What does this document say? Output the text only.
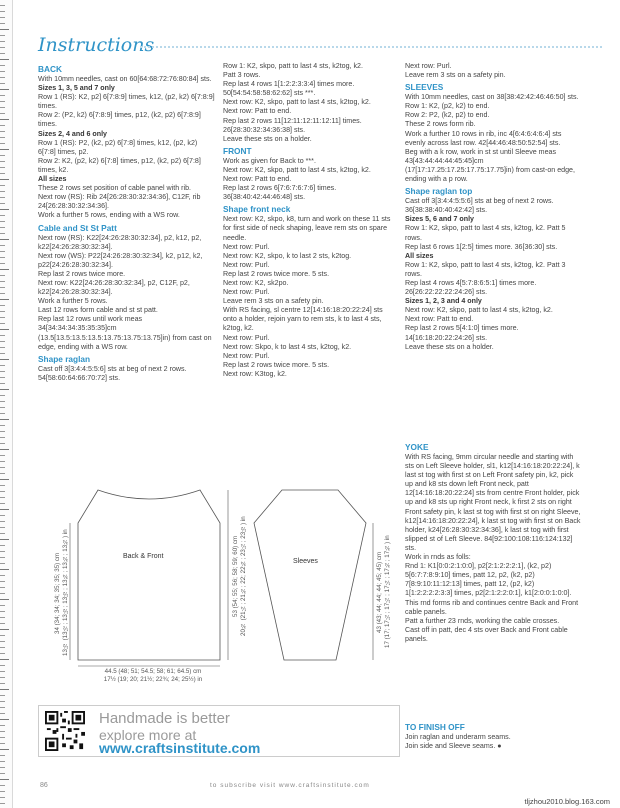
Instructions

BACK

With 10mm needles, cast on 60[64:68:72:76:80:84] sts.

Sizes 1, 3, 5 and 7 only

Row 1 (RS): K2, p2] 6[7:8:9] times, k12, (p2, k2) 6[7:8:9] times.

Row 2: (P2, k2) 6[7:8:9] times, p12, (k2, p2) 6[7:8:9] times.

Sizes 2, 4 and 6 only

Row 1 (RS): P2, (k2, p2) 6[7:8] times, k12, (p2, k2) 6[7:8] times, p2.

Row 2: K2, (p2, k2) 6[7:8] times, p12, (k2, p2) 6[7:8] times, k2.

All sizes

These 2 rows set position of cable panel with rib.

Next row (RS): Rib 24[26:28:30:32:34:36], C12F, rib 24[26:28:30:32:34:36].

Work a further 5 rows, ending with a WS row.

Cable and St St Patt

Next row (RS): K22[24:26:28:30:32:34], p2, k12, p2, k22[24:26:28:30:32:34].

Next row (WS): P22[24:26:28:30:32:34], k2, p12, k2, p22[24:26:28:30:32:34].

Rep last 2 rows twice more.

Next row: K22[24:26:28:30:32:34], p2, C12F, p2, k22[24:26:28:30:32:34].

Work a further 5 rows.

Last 12 rows form cable and st st patt.

Rep last 12 rows until work meas 34[34:34:34:35:35:35]cm (13.5[13.5:13.5:13.5:13.75:13.75:13.75]in) from cast on edge, ending with a WS row.

Shape raglan

Cast off 3[3:4:4:5:5:6] sts at beg of next 2 rows. 54[58:60:64:66:70:72] sts.

Row 1: K2, skpo, patt to last 4 sts, k2tog, k2.

Patt 3 rows.

Rep last 4 rows 1[1:2:2:3:3:4] times more. 50[54:54:58:58:62:62] sts ***.

Next row: K2, skpo, patt to last 4 sts, k2tog, k2.

Next row: Patt to end.

Rep last 2 rows 11[12:11:12:11:12:11] times. 26[28:30:32:34:36:38] sts.

Leave these sts on a holder.

FRONT

Work as given for Back to ***.

Next row: K2, skpo, patt to last 4 sts, k2tog, k2.

Next row: Patt to end.

Rep last 2 rows 6[7:6:7:6:7:6] times. 36[38:40:42:44:46:48] sts.

Shape front neck

Next row: K2, skpo, k8, turn and work on these 11 sts for first side of neck shaping, leave rem sts on spare needle.

Next row: Purl.

Next row: K2, skpo, k to last 2 sts, k2tog.

Next row: Purl.

Rep last 2 rows twice more. 5 sts.

Next row: K2, sk2po.

Next row: Purl.

Leave rem 3 sts on a safety pin.

With RS facing, sl centre 12[14:16:18:20:22:24] sts onto a holder, rejoin yarn to rem sts, k to last 4 sts, k2tog, k2.

Next row: Purl.

Next row: Skpo, k to last 4 sts, k2tog, k2.

Next row: Purl.

Rep last 2 rows twice more. 5 sts.

Next row: K3tog, k2.

Next row: Purl.

Leave rem 3 sts on a safety pin.

SLEEVES

With 10mm needles, cast on 38[38:42:42:46:46:50] sts.

Row 1: K2, (p2, k2) to end.

Row 2: P2, (k2, p2) to end.

These 2 rows form rib.

Work a further 10 rows in rib, inc 4[6:4:6:4:6:4] sts evenly across last row. 42[44:46:48:50:52:54] sts.

Beg with a k row, work in st st until Sleeve meas 43[43:44:44:44:45:45]cm (17[17:17.25:17.25:17.75:17.75]in) from cast-on edge, ending with a p row.

Shape raglan top

Cast off 3[3:4:4:5:5:6] sts at beg of next 2 rows. 36[38:38:40:40:42:42] sts.

Sizes 5, 6 and 7 only

Row 1: K2, skpo, patt to last 4 sts, k2tog, k2. Patt 5 rows.

Rep last 6 rows 1[2:5] times more. 36[36:30] sts.

All sizes

Row 1: K2, skpo, patt to last 4 sts, k2tog, k2. Patt 3 rows.

Rep last 4 rows 4[5:7:8:6:5:1] times more. 26[26:22:22:22:24:26] sts.

Sizes 1, 2, 3 and 4 only

Next row: K2, skpo, patt to last 4 sts, k2tog, k2.

Next row: Patt to end.

Rep last 2 rows 5[4:1:0] times more. 14[16:18:20:22:24:26] sts.

Leave these sts on a holder.

YOKE

With RS facing, 9mm circular needle and starting with sts on Left Sleeve holder, sl1, k12[14:16:18:20:22:24], k last st tog with first st on Left Front safety pin, k2, pick up and k8 sts down left Front neck, patt 12[14:16:18:20:22:24] sts from centre Front holder, pick up and k8 sts up right Front neck, k first 2 sts on right Front safety pin, k last st tog with first st on right Sleeve, k12[14:16:18:20:22:24], k last st tog with first st on Back holder, k24[26:28:30:32:34:36], k last st tog with first slipped st of Left Sleeve. 84[92:100:108:116:124:132] sts.

Work in rnds as folls:

Rnd 1: K1[0:0:2:1:0:0], p2[2:1:2:2:2:1], (k2, p2) 5[6:7:7:8:9:10] times, patt 12, p2, (k2, p2) 7[8:9:10:11:12:13] times, patt 12, (p2, k2) 1[1:2:2:2:2:3:3] times, p2[2:1:2:2:0:1], k1[2:0:0:1:0:0].

This rnd forms rib and continues centre Back and Front cable panels.

Patt a further 23 rnds, working the cable crosses.

Cast off in patt, dec 4 sts over Back and Front cable panels.

TO FINISH OFF

Join raglan and underarm seams.

Join side and Sleeve seams. ●

Back & Front
Sleeves
44.5 (48; 51; 54.5; 58; 61; 64.5) cm
17½ (19; 20; 21½; 22¾; 24; 25½) in
34 (34; 34; 34; 35; 35; 35) cm 13½ (13½; 13½; 13½; 13¾; 13¾; 13¾) in	53 (54; 55; 56; 58; 59; 60) cm 20¾ (21¼; 21¾; 22; 22¾; 23¼; 23½) in	43 (43; 44; 44; 44; 45; 45) cm 17 (17; 17¼; 17¼; 17¼; 17¾; 17¾) in
Handmade is better
explore more at
www.craftsinstitute.com
86	to subscribe visit www.craftsinstitute.com
tljzhou2010.blog.163.com
